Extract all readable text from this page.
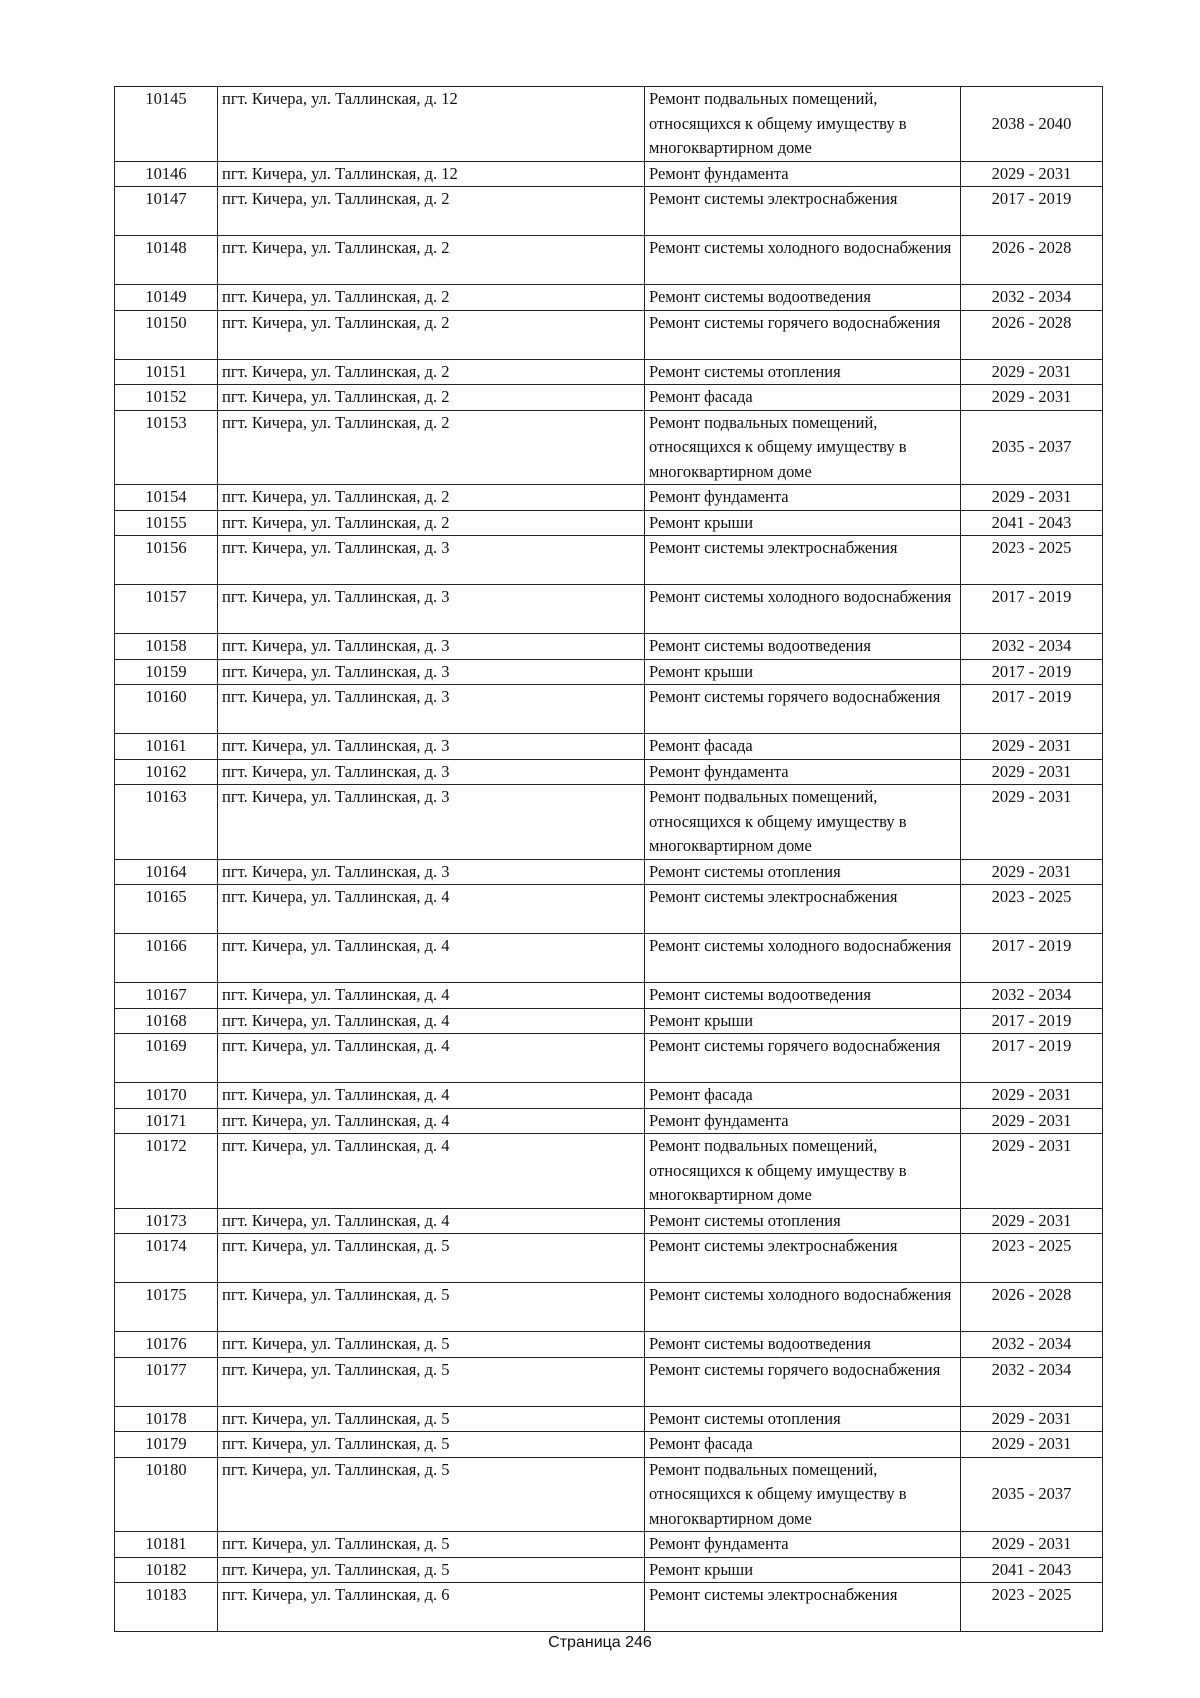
10145	пгт. Кичера, ул. Таллинская, д. 12	Ремонт подвальных помещений, относящихся к общему имуществу в многоквартирном доме	2038 - 2040
10146	пгт. Кичера, ул. Таллинская, д. 12	Ремонт фундамента	2029 - 2031
10147	пгт. Кичера, ул. Таллинская, д. 2	Ремонт системы электроснабжения	2017 - 2019
10148	пгт. Кичера, ул. Таллинская, д. 2	Ремонт системы холодного водоснабжения	2026 - 2028
10149	пгт. Кичера, ул. Таллинская, д. 2	Ремонт системы водоотведения	2032 - 2034
10150	пгт. Кичера, ул. Таллинская, д. 2	Ремонт системы горячего водоснабжения	2026 - 2028
10151	пгт. Кичера, ул. Таллинская, д. 2	Ремонт системы отопления	2029 - 2031
10152	пгт. Кичера, ул. Таллинская, д. 2	Ремонт фасада	2029 - 2031
10153	пгт. Кичера, ул. Таллинская, д. 2	Ремонт подвальных помещений, относящихся к общему имуществу в многоквартирном доме	2035 - 2037
10154	пгт. Кичера, ул. Таллинская, д. 2	Ремонт фундамента	2029 - 2031
10155	пгт. Кичера, ул. Таллинская, д. 2	Ремонт крыши	2041 - 2043
10156	пгт. Кичера, ул. Таллинская, д. 3	Ремонт системы электроснабжения	2023 - 2025
10157	пгт. Кичера, ул. Таллинская, д. 3	Ремонт системы холодного водоснабжения	2017 - 2019
10158	пгт. Кичера, ул. Таллинская, д. 3	Ремонт системы водоотведения	2032 - 2034
10159	пгт. Кичера, ул. Таллинская, д. 3	Ремонт крыши	2017 - 2019
10160	пгт. Кичера, ул. Таллинская, д. 3	Ремонт системы горячего водоснабжения	2017 - 2019
10161	пгт. Кичера, ул. Таллинская, д. 3	Ремонт фасада	2029 - 2031
10162	пгт. Кичера, ул. Таллинская, д. 3	Ремонт фундамента	2029 - 2031
10163	пгт. Кичера, ул. Таллинская, д. 3	Ремонт подвальных помещений, относящихся к общему имуществу в многоквартирном доме	2029 - 2031
10164	пгт. Кичера, ул. Таллинская, д. 3	Ремонт системы отопления	2029 - 2031
10165	пгт. Кичера, ул. Таллинская, д. 4	Ремонт системы электроснабжения	2023 - 2025
10166	пгт. Кичера, ул. Таллинская, д. 4	Ремонт системы холодного водоснабжения	2017 - 2019
10167	пгт. Кичера, ул. Таллинская, д. 4	Ремонт системы водоотведения	2032 - 2034
10168	пгт. Кичера, ул. Таллинская, д. 4	Ремонт крыши	2017 - 2019
10169	пгт. Кичера, ул. Таллинская, д. 4	Ремонт системы горячего водоснабжения	2017 - 2019
10170	пгт. Кичера, ул. Таллинская, д. 4	Ремонт фасада	2029 - 2031
10171	пгт. Кичера, ул. Таллинская, д. 4	Ремонт фундамента	2029 - 2031
10172	пгт. Кичера, ул. Таллинская, д. 4	Ремонт подвальных помещений, относящихся к общему имуществу в многоквартирном доме	2029 - 2031
10173	пгт. Кичера, ул. Таллинская, д. 4	Ремонт системы отопления	2029 - 2031
10174	пгт. Кичера, ул. Таллинская, д. 5	Ремонт системы электроснабжения	2023 - 2025
10175	пгт. Кичера, ул. Таллинская, д. 5	Ремонт системы холодного водоснабжения	2026 - 2028
10176	пгт. Кичера, ул. Таллинская, д. 5	Ремонт системы водоотведения	2032 - 2034
10177	пгт. Кичера, ул. Таллинская, д. 5	Ремонт системы горячего водоснабжения	2032 - 2034
10178	пгт. Кичера, ул. Таллинская, д. 5	Ремонт системы отопления	2029 - 2031
10179	пгт. Кичера, ул. Таллинская, д. 5	Ремонт фасада	2029 - 2031
10180	пгт. Кичера, ул. Таллинская, д. 5	Ремонт подвальных помещений, относящихся к общему имуществу в многоквартирном доме	2035 - 2037
10181	пгт. Кичера, ул. Таллинская, д. 5	Ремонт фундамента	2029 - 2031
10182	пгт. Кичера, ул. Таллинская, д. 5	Ремонт крыши	2041 - 2043
10183	пгт. Кичера, ул. Таллинская, д. 6	Ремонт системы электроснабжения	2023 - 2025
Страница 246
